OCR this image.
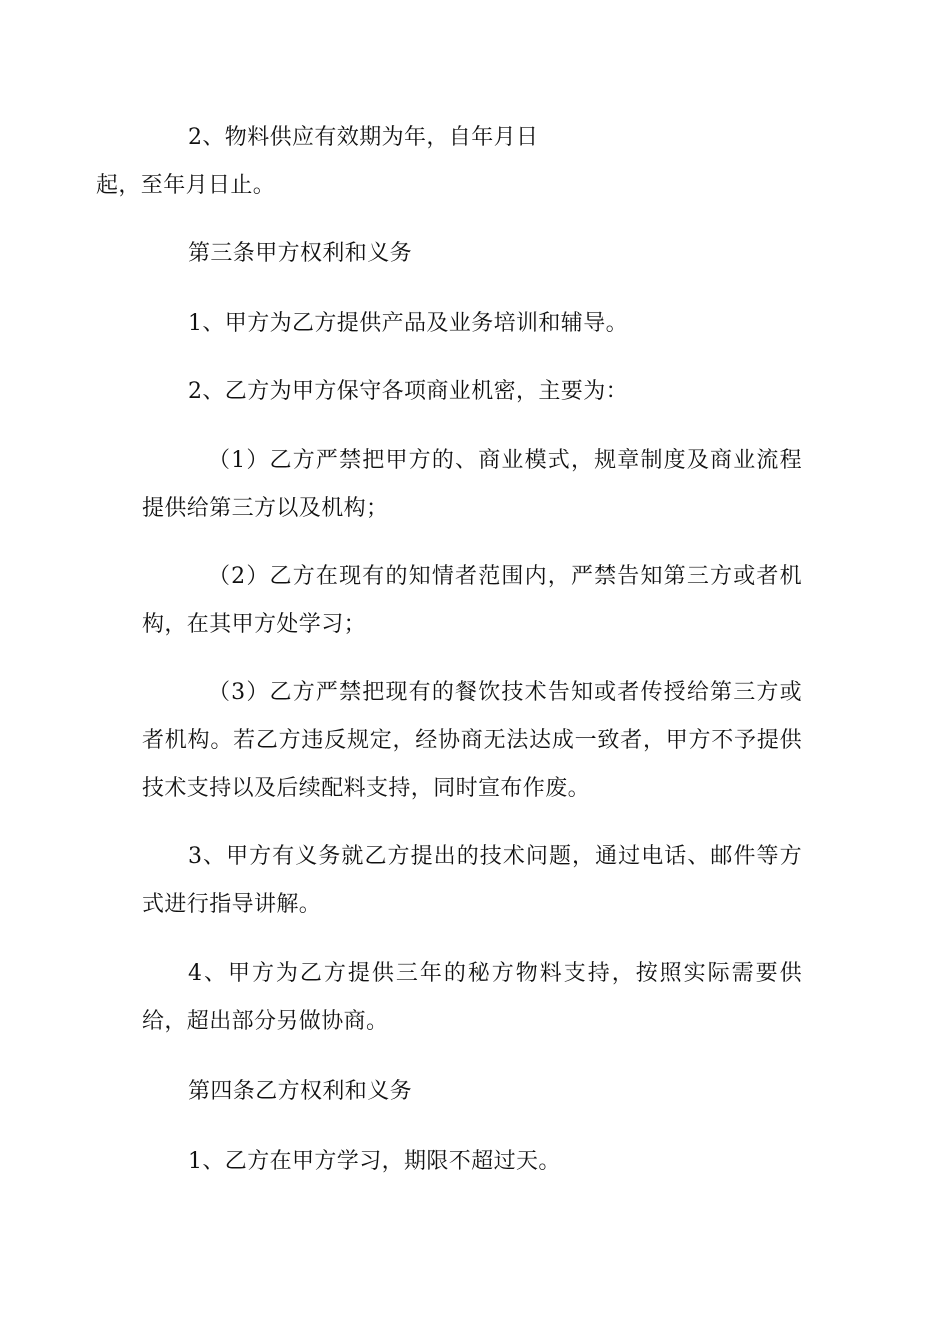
2、物料供应有效期为年，自年月日

起，至年月日止。

第三条甲方权利和义务

1、甲方为乙方提供产品及业务培训和辅导。

2、乙方为甲方保守各项商业机密，主要为：

（1）乙方严禁把甲方的、商业模式，规章制度及商业流程提供给第三方以及机构；

（2）乙方在现有的知情者范围内，严禁告知第三方或者机构，在其甲方处学习；

（3）乙方严禁把现有的餐饮技术告知或者传授给第三方或者机构。若乙方违反规定，经协商无法达成一致者，甲方不予提供技术支持以及后续配料支持，同时宣布作废。

3、甲方有义务就乙方提出的技术问题，通过电话、邮件等方式进行指导讲解。

4、甲方为乙方提供三年的秘方物料支持，按照实际需要供给，超出部分另做协商。

第四条乙方权利和义务

1、乙方在甲方学习，期限不超过天。
